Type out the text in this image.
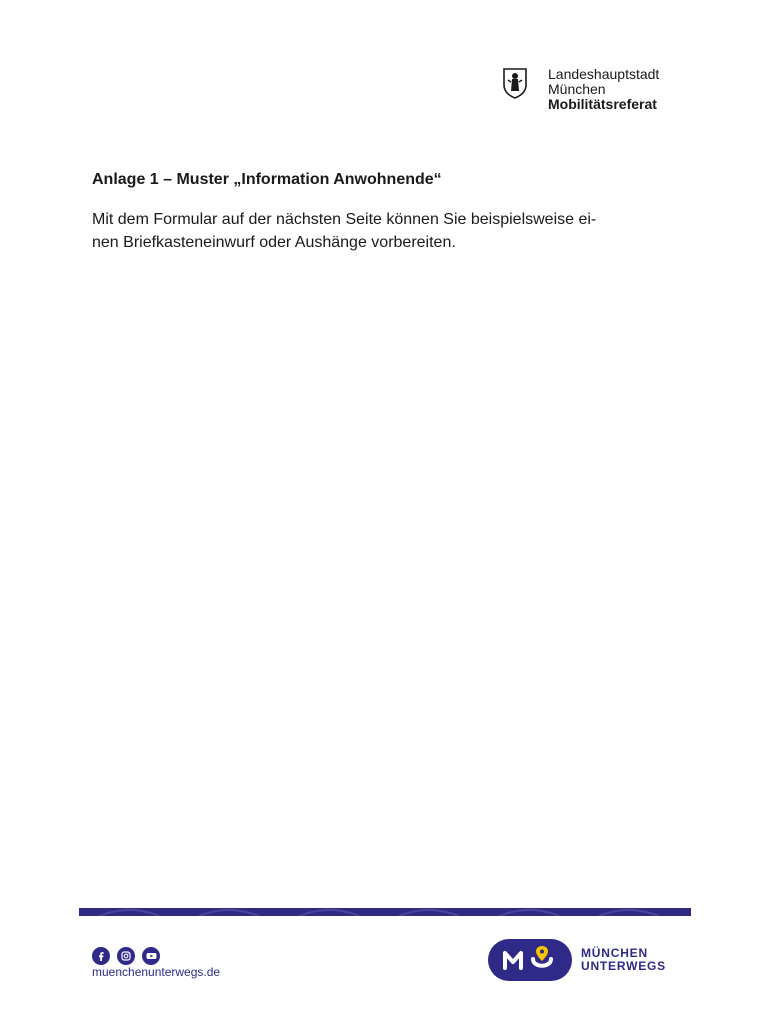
Landeshauptstadt
München
Mobilitätsreferat
Anlage 1 – Muster „Information Anwohnende“
Mit dem Formular auf der nächsten Seite können Sie beispielsweise ei-
nen Briefkasteneinwurf oder Aushänge vorbereiten.
muenchenunterwegs.de
MÜNCHEN
UNTERWEGS
